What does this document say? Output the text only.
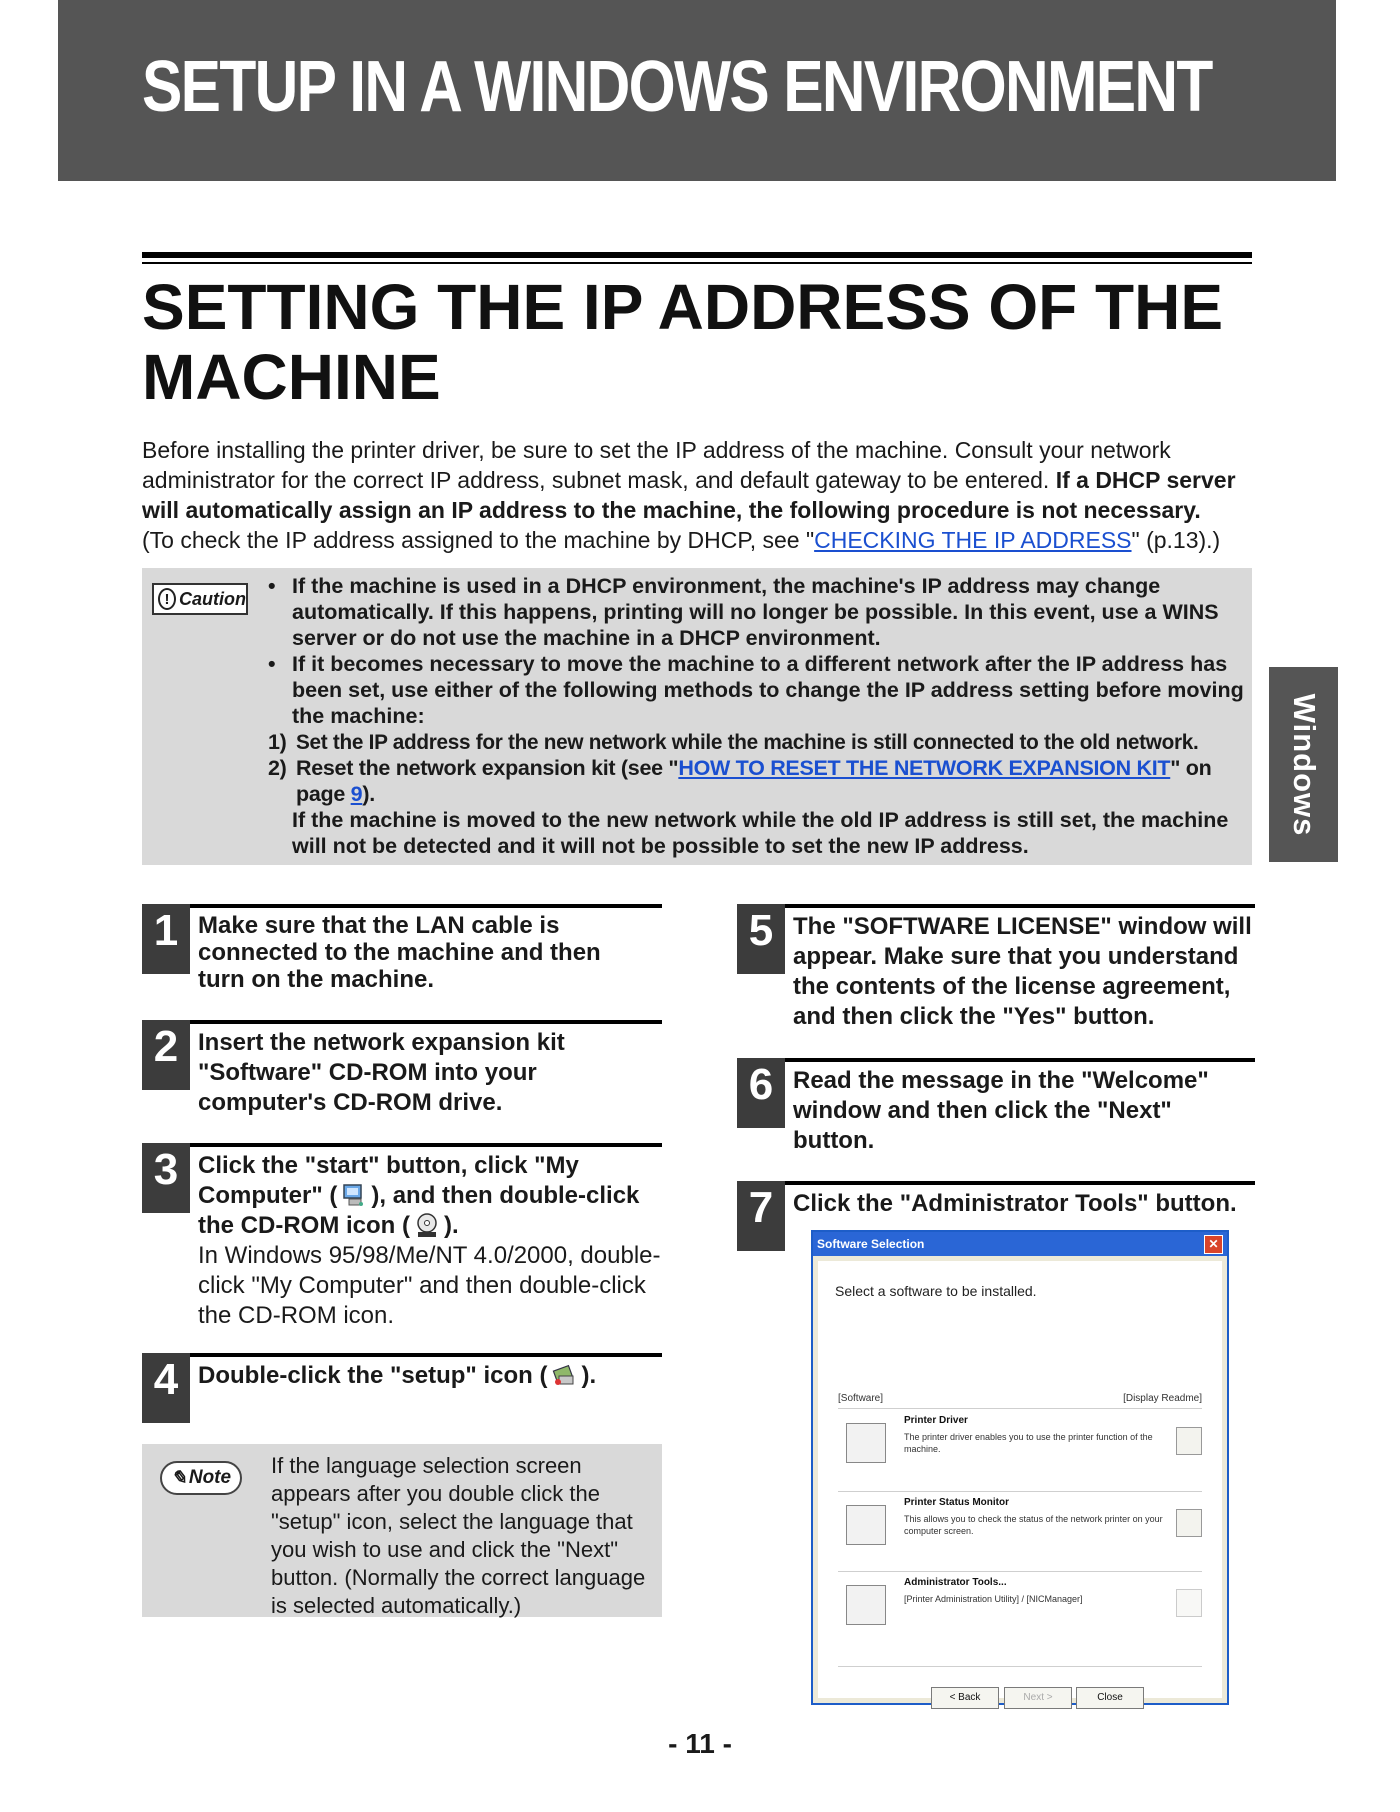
SETUP IN A WINDOWS ENVIRONMENT
SETTING THE IP ADDRESS OF THE
MACHINE

Before installing the printer driver, be sure to set the IP address of the machine. Consult your network administrator for the correct IP address, subnet mask, and default gateway to be entered. If a DHCP server will automatically assign an IP address to the machine, the following procedure is not necessary.
(To check the IP address assigned to the machine by DHCP, see "CHECKING THE IP ADDRESS" (p.13).)

! Caution
• If the machine is used in a DHCP environment, the machine's IP address may change automatically. If this happens, printing will no longer be possible. In this event, use a WINS server or do not use the machine in a DHCP environment.
• If it becomes necessary to move the machine to a different network after the IP address has been set, use either of the following methods to change the IP address setting before moving the machine:
1) Set the IP address for the new network while the machine is still connected to the old network.
2) Reset the network expansion kit (see "HOW TO RESET THE NETWORK EXPANSION KIT" on page 9).
If the machine is moved to the new network while the old IP address is still set, the machine will not be detected and it will not be possible to set the new IP address.
Windows
1 Make sure that the LAN cable is connected to the machine and then turn on the machine.
2 Insert the network expansion kit "Software" CD-ROM into your computer's CD-ROM drive.
3 Click the "start" button, click "My Computer" ( ), and then double-click the CD-ROM icon ( ).
In Windows 95/98/Me/NT 4.0/2000, double-click "My Computer" and then double-click the CD-ROM icon.
4 Double-click the "setup" icon ( ).
✎ Note If the language selection screen appears after you double click the "setup" icon, select the language that you wish to use and click the "Next" button. (Normally the correct language is selected automatically.)
5 The "SOFTWARE LICENSE" window will appear. Make sure that you understand the contents of the license agreement, and then click the "Yes" button.
6 Read the message in the "Welcome" window and then click the "Next" button.
7 Click the "Administrator Tools" button.
Software Selection	✕
Select a software to be installed.
[Software]	[Display Readme]
Printer Driver
The printer driver enables you to use the printer function of the machine.
Printer Status Monitor
This allows you to check the status of the network printer on your computer screen.
Administrator Tools...
[Printer Administration Utility] / [NICManager]
< Back	Next >	Close
- 11 -
